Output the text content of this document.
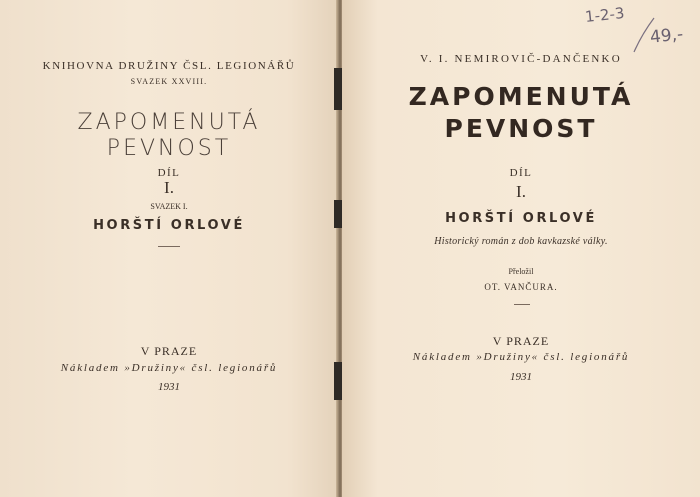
KNIHOVNA DRUŽINY ČSL. LEGIONÁŘŮ
SVAZEK XXVIII.
ZAPOMENUTÁ
PEVNOST
DÍL
I.
SVAZEK I.
HORŠTÍ ORLOVÉ
V PRAZE
Nákladem »Družiny« čsl. legionářů
1931
V. I. NEMIROVIČ-DANČENKO
ZAPOMENUTÁ
PEVNOST
DÍL
I.
HORŠTÍ ORLOVÉ
Historický román z dob kavkazské války.
Přeložil
OT. VANČURA.
V PRAZE
Nákladem »Družiny« čsl. legionářů
1931
1-2-3
49,-
